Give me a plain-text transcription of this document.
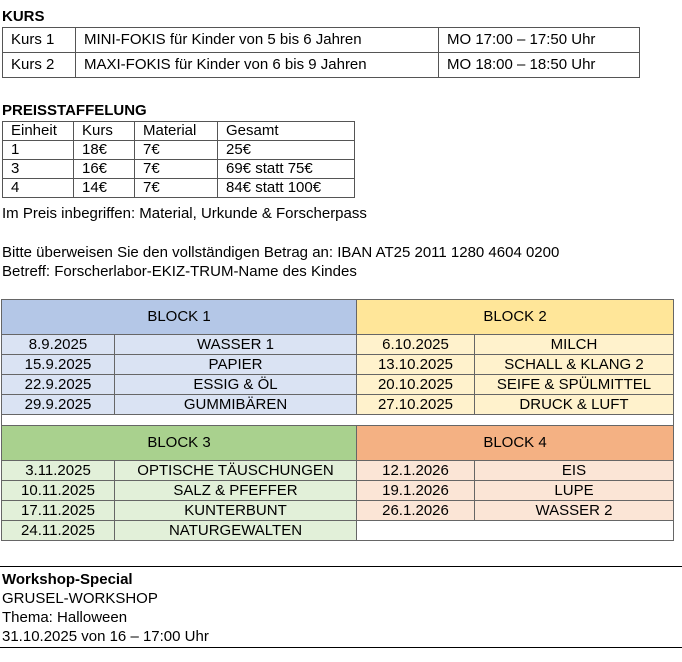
KURS
Kurs 1	MINI-FOKIS für Kinder von 5 bis 6 Jahren	MO 17:00 – 17:50 Uhr
Kurs 2	MAXI-FOKIS für Kinder von 6 bis 9 Jahren	MO 18:00 – 18:50 Uhr
PREISSTAFFELUNG
Einheit	Kurs	Material	Gesamt
1	18€	7€	25€
3	16€	7€	69€ statt 75€
4	14€	7€	84€ statt 100€
Im Preis inbegriffen: Material, Urkunde & Forscherpass
Bitte überweisen Sie den vollständigen Betrag an: IBAN AT25 2011 1280 4604 0200
Betreff: Forscherlabor-EKIZ-TRUM-Name des Kindes
BLOCK 1		BLOCK 2	
8.9.2025	WASSER 1	6.10.2025	MILCH
15.9.2025	PAPIER	13.10.2025	SCHALL & KLANG 2
22.9.2025	ESSIG & ÖL	20.10.2025	SEIFE & SPÜLMITTEL
29.9.2025	GUMMIBÄREN	27.10.2025	DRUCK & LUFT

BLOCK 3		BLOCK 4	
3.11.2025	OPTISCHE TÄUSCHUNGEN	12.1.2026	EIS
10.11.2025	SALZ & PFEFFER	19.1.2026	LUPE
17.11.2025	KUNTERBUNT	26.1.2026	WASSER 2
24.11.2025	NATURGEWALTEN		
Workshop-Special
GRUSEL-WORKSHOP
Thema: Halloween
31.10.2025 von 16 – 17:00 Uhr
